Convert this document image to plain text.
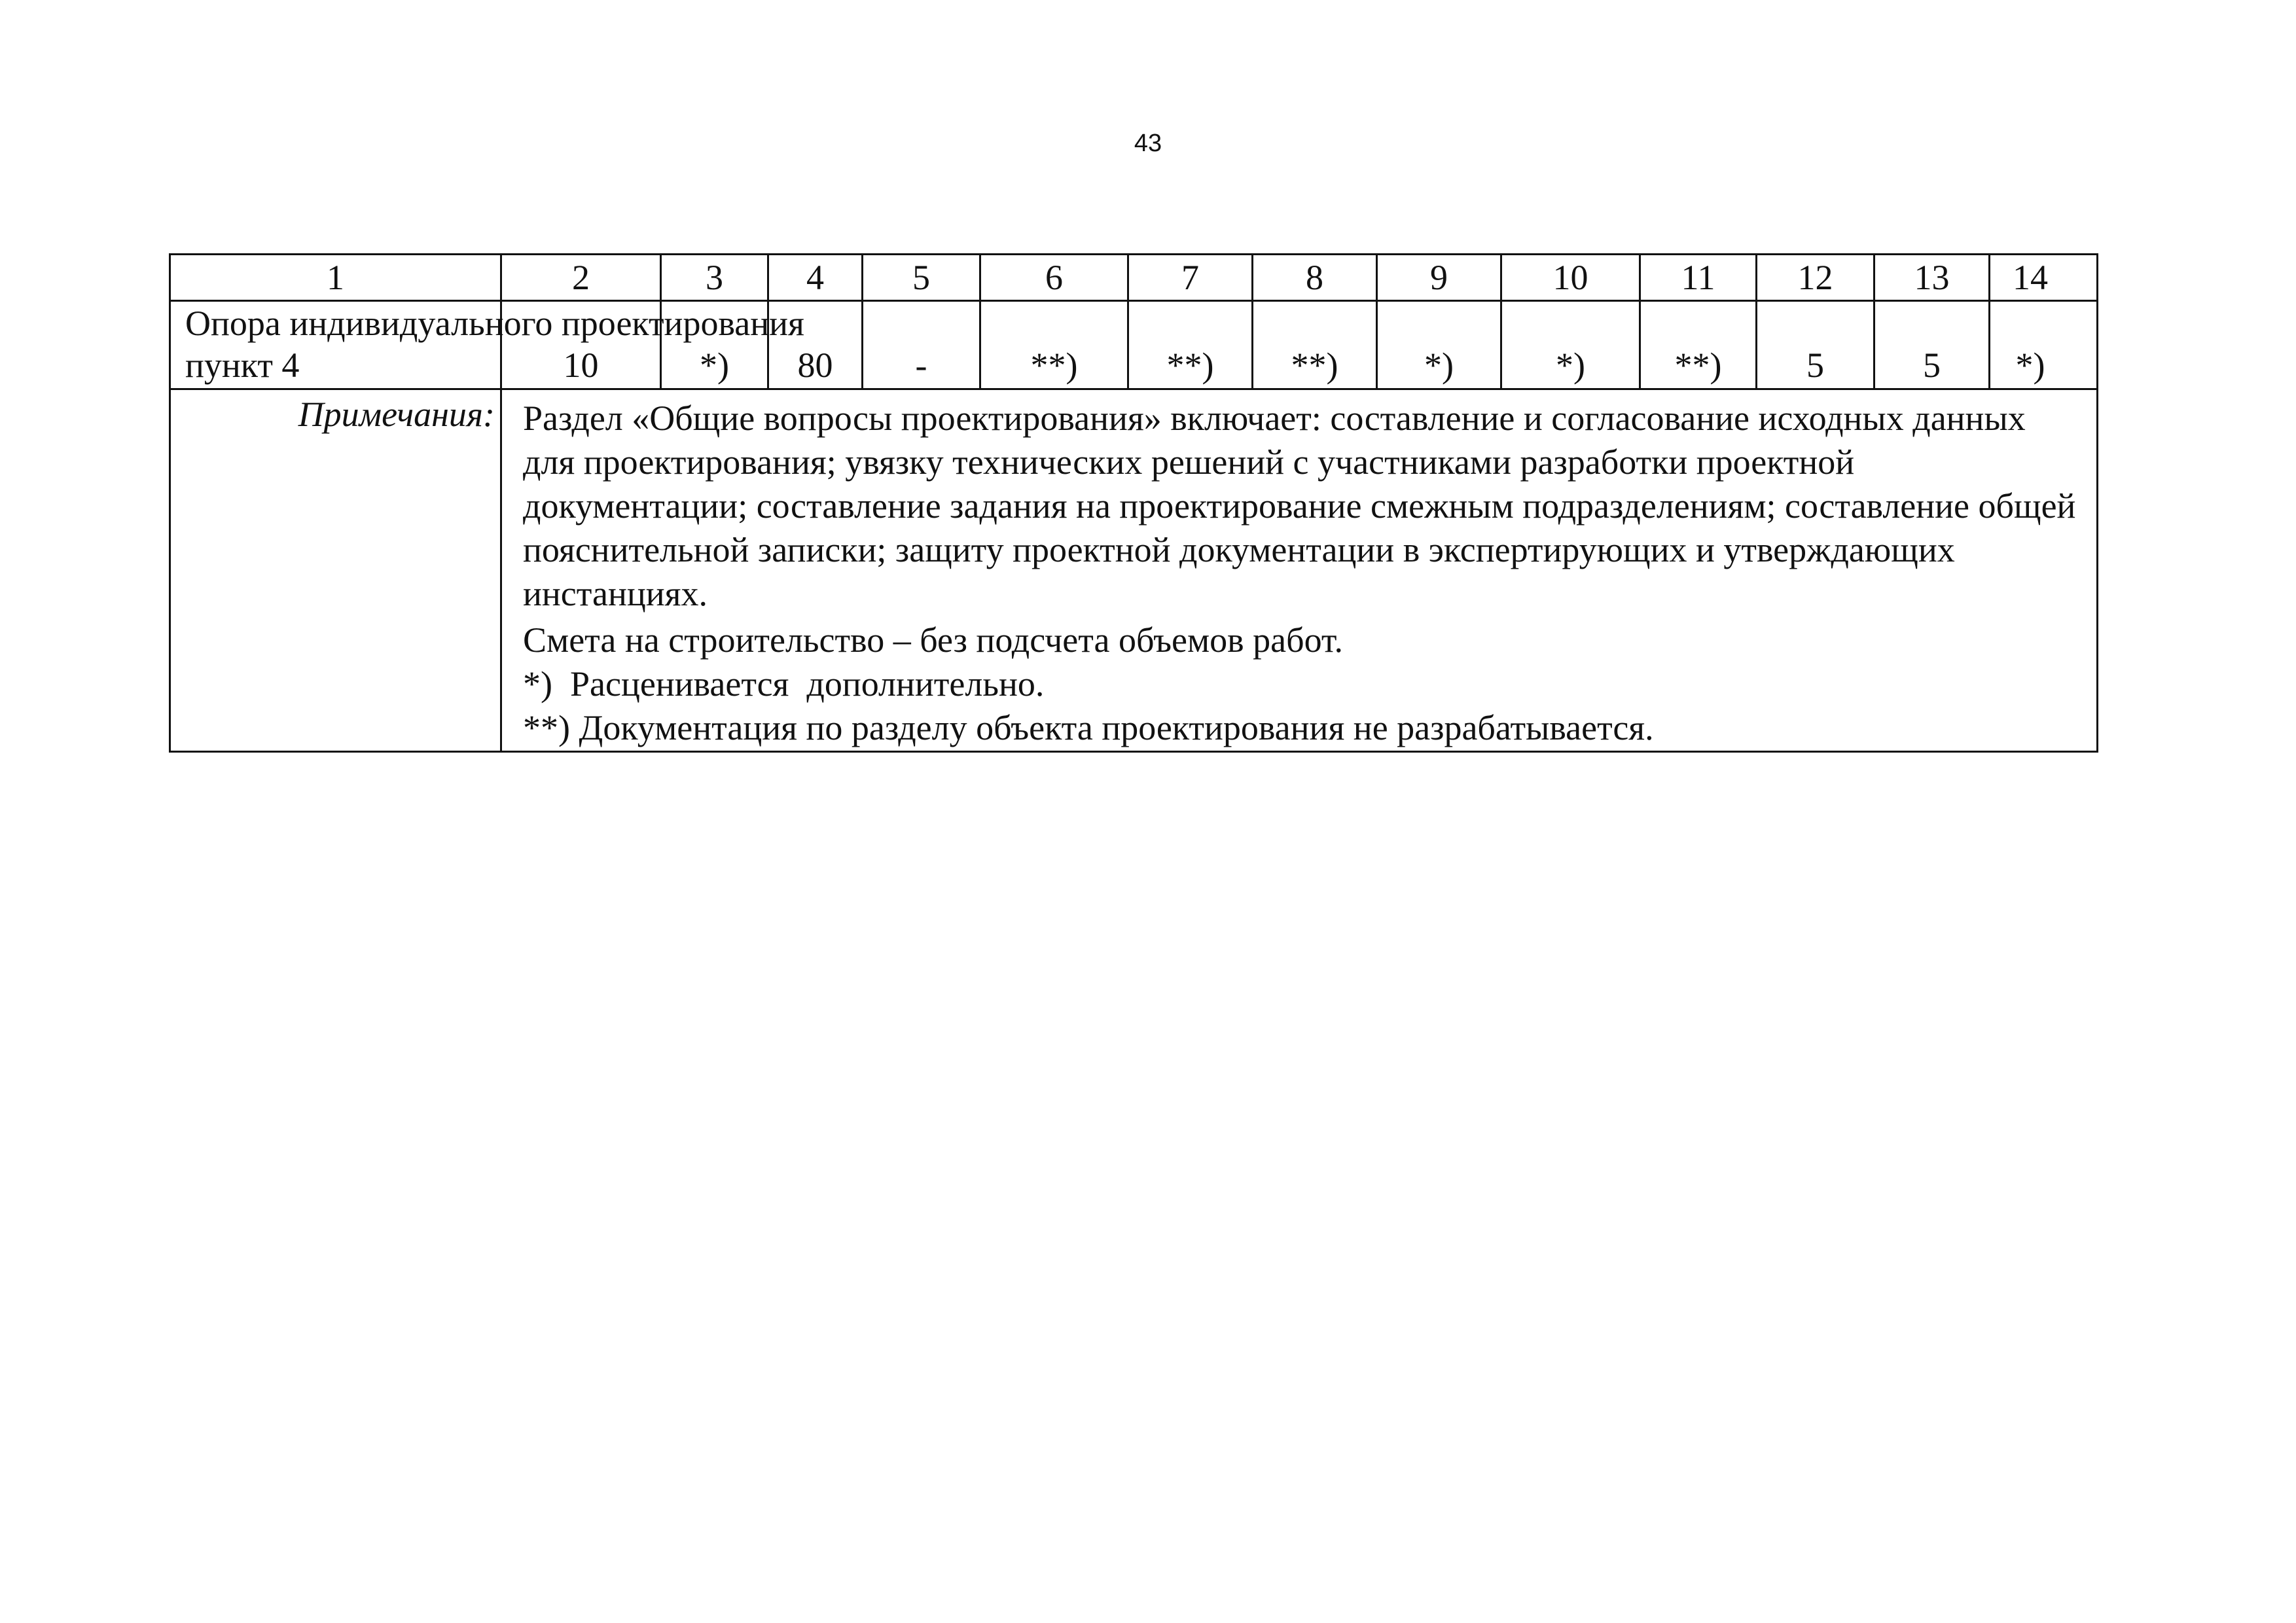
43
1	2	3	4	5	6	7	8	9	10	11	12	13	14
Опора индивидуального проектирования
пункт 4	10	*)	80	-	**)	**)	**)	*)	*)	**)	5	5	*)
Примечания: Раздел «Общие вопросы проектирования» включает: составление и согласование исходных данных для проектирования; увязку технических решений с участниками разработки проектной документации; составление задания на проектирование смежным подразделениям; составление общей пояснительной записки; защиту проектной документации в экспертирующих и утверждающих инстанциях.
Смета на строительство – без подсчета объемов работ.
*)  Расценивается  дополнительно.
**) Документация по разделу объекта проектирования не разрабатывается.
